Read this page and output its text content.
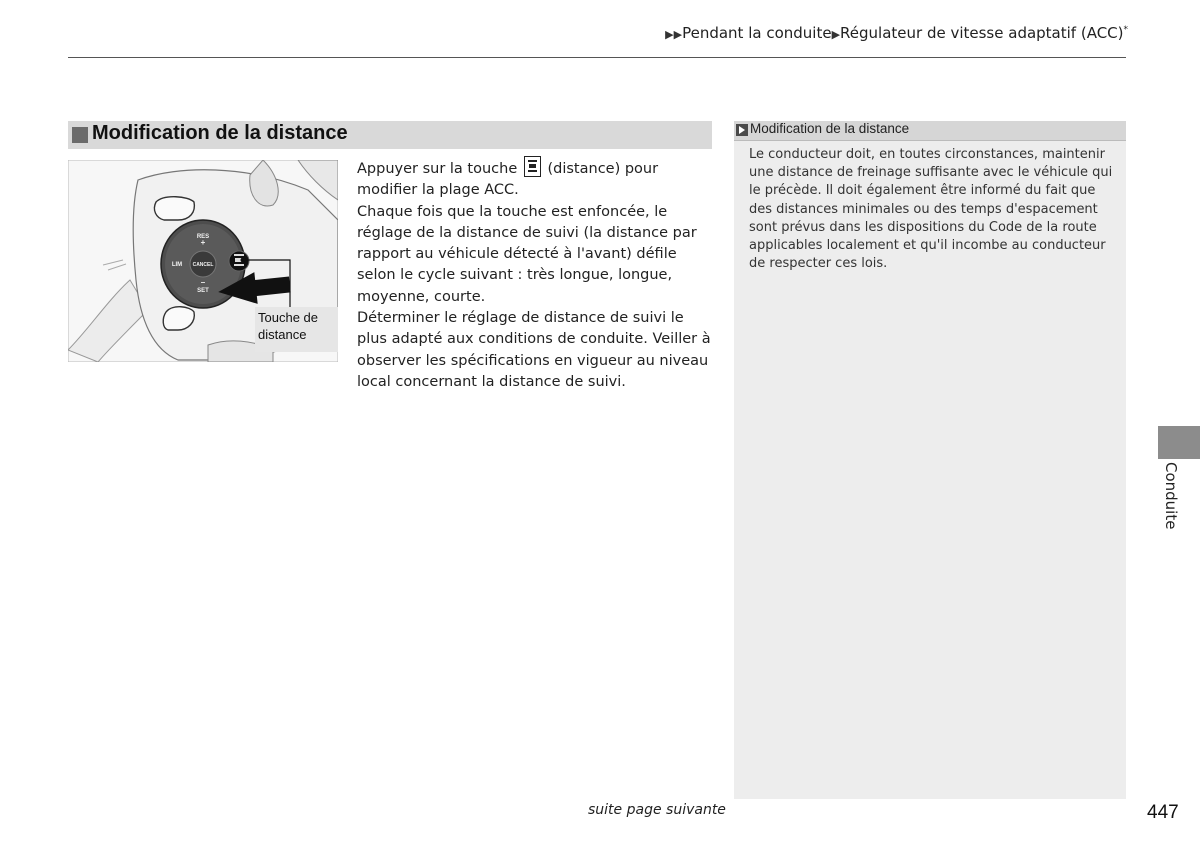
▶▶Pendant la conduite▶Régulateur de vitesse adaptatif (ACC)*
Modification de la distance
RES
+
LIM CANCEL
–
SET
Touche de distance

Appuyer sur la touche (distance) pour modifier la plage ACC.

Chaque fois que la touche est enfoncée, le réglage de la distance de suivi (la distance par rapport au véhicule détecté à l'avant) défile selon le cycle suivant : très longue, longue, moyenne, courte.

Déterminer le réglage de distance de suivi le plus adapté aux conditions de conduite. Veiller à observer les spécifications en vigueur au niveau local concernant la distance de suivi.

Modification de la distance
Le conducteur doit, en toutes circonstances, maintenir une distance de freinage suffisante avec le véhicule qui le précède. Il doit également être informé du fait que des distances minimales ou des temps d'espacement sont prévus dans les dispositions du Code de la route applicables localement et qu'il incombe au conducteur de respecter ces lois.
Conduite
suite page suivante	447
